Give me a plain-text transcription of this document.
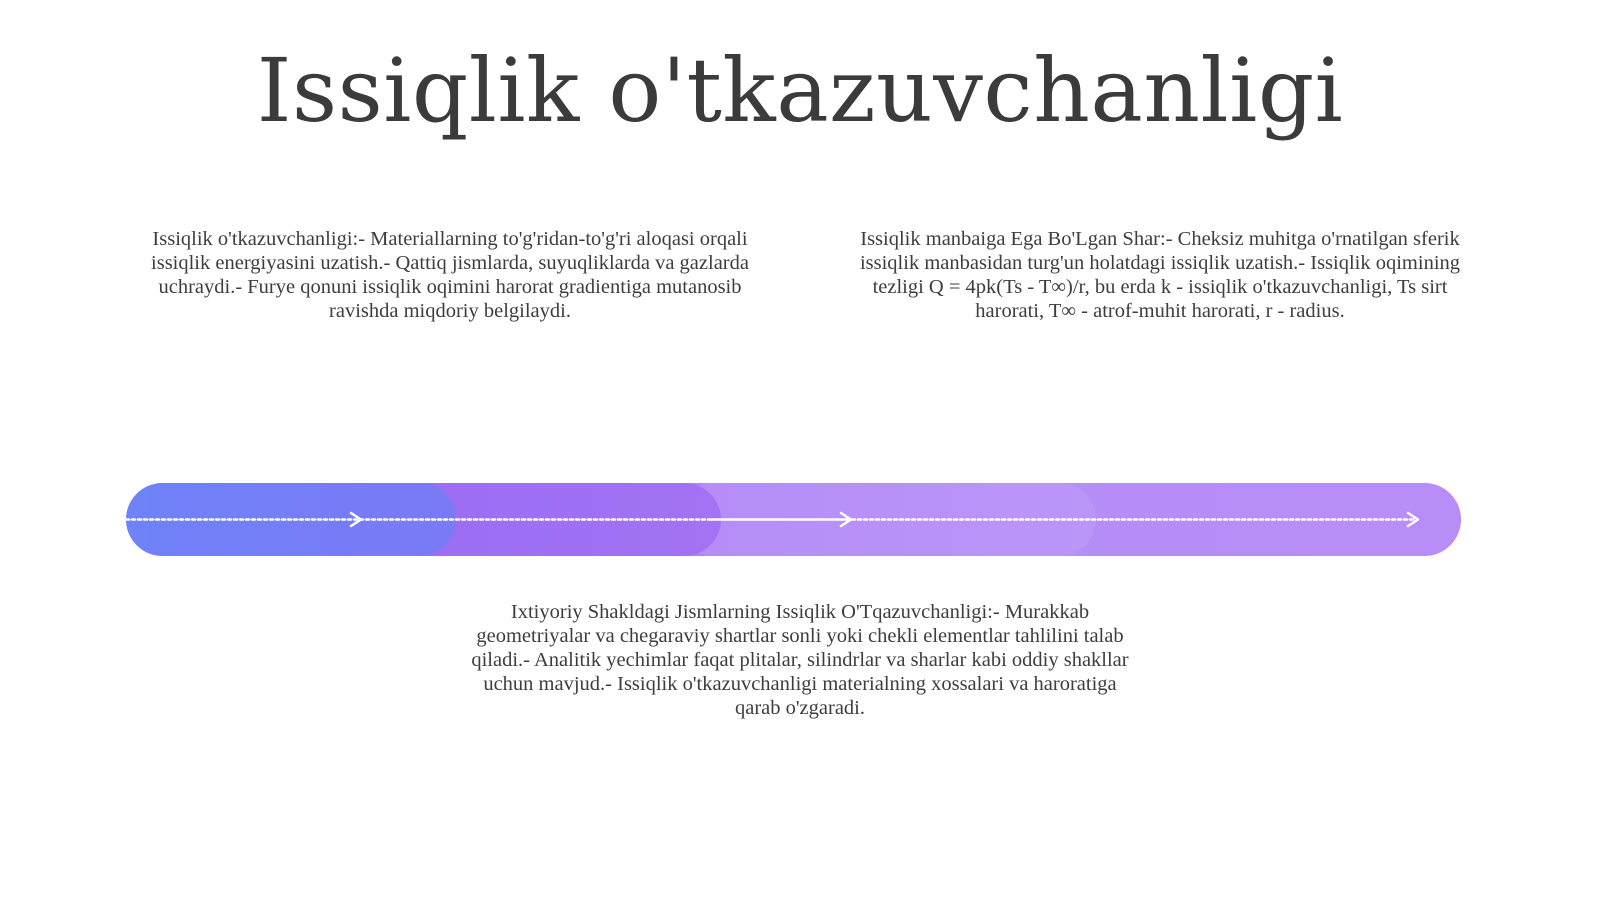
Issiqlik o'tkazuvchanligi

Issiqlik o'tkazuvchanligi:- Materiallarning to'g'ridan-to'g'ri aloqasi orqali issiqlik energiyasini uzatish.- Qattiq jismlarda, suyuqliklarda va gazlarda uchraydi.- Furye qonuni issiqlik oqimini harorat gradientiga mutanosib ravishda miqdoriy belgilaydi.

Issiqlik manbaiga Ega Bo'Lgan Shar:- Cheksiz muhitga o'rnatilgan sferik issiqlik manbasidan turg'un holatdagi issiqlik uzatish.- Issiqlik oqimining tezligi Q = 4pk(Ts - T∞)/r, bu erda k - issiqlik o'tkazuvchanligi, Ts sirt harorati, T∞ - atrof-muhit harorati, r - radius.

Ixtiyoriy Shakldagi Jismlarning Issiqlik O'Tqazuvchanligi:- Murakkab geometriyalar va chegaraviy shartlar sonli yoki chekli elementlar tahlilini talab qiladi.- Analitik yechimlar faqat plitalar, silindrlar va sharlar kabi oddiy shakllar uchun mavjud.- Issiqlik o'tkazuvchanligi materialning xossalari va haroratiga qarab o'zgaradi.
